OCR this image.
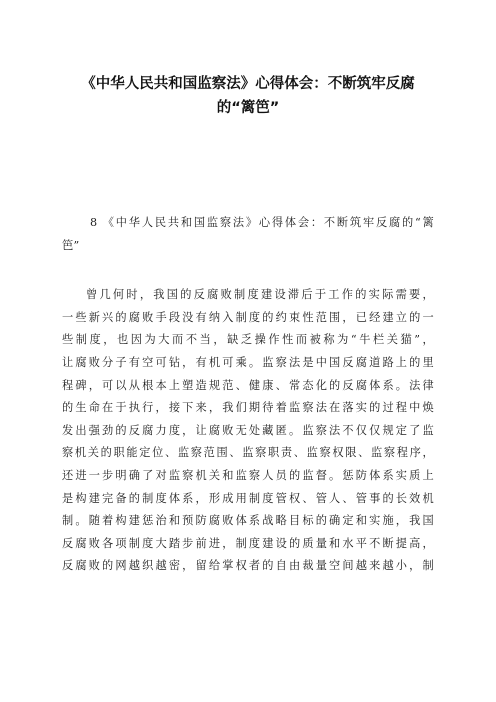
《中华人民共和国监察法》心得体会：不断筑牢反腐
的“篱笆”
8 《中华人民共和国监察法》心得体会：不断筑牢反腐的“篱
笆”
曾几何时，我国的反腐败制度建设滞后于工作的实际需要，
一些新兴的腐败手段没有纳入制度的约束性范围，已经建立的一
些制度，也因为大而不当，缺乏操作性而被称为“牛栏关猫”，
让腐败分子有空可钻，有机可乘。监察法是中国反腐道路上的里
程碑，可以从根本上塑造规范、健康、常态化的反腐体系。法律
的生命在于执行，接下来，我们期待着监察法在落实的过程中焕
发出强劲的反腐力度，让腐败无处藏匿。监察法不仅仅规定了监
察机关的职能定位、监察范围、监察职责、监察权限、监察程序，
还进一步明确了对监察机关和监察人员的监督。惩防体系实质上
是构建完备的制度体系，形成用制度管权、管人、管事的长效机
制。随着构建惩治和预防腐败体系战略目标的确定和实施，我国
反腐败各项制度大踏步前进，制度建设的质量和水平不断提高，
反腐败的网越织越密，留给掌权者的自由裁量空间越来越小，制
